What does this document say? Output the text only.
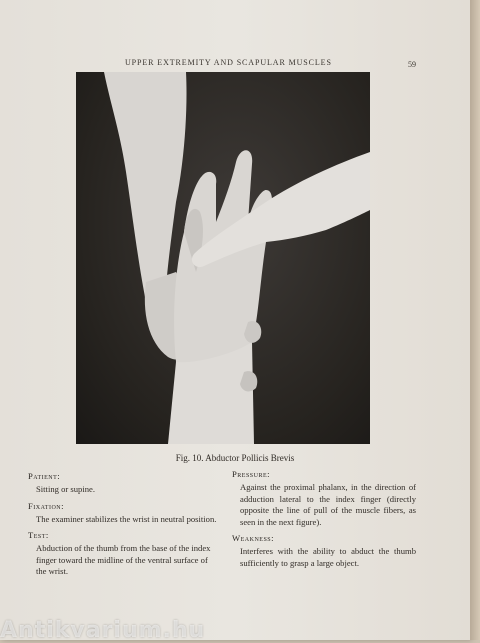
UPPER EXTREMITY AND SCAPULAR MUSCLES	59
Fig. 10. Abductor Pollicis Brevis
Patient:
Sitting or supine.
Fixation:
The examiner stabilizes the wrist in neutral position.
Test:
Abduction of the thumb from the base of the index finger toward the midline of the ventral surface of the wrist.
Pressure:
Against the proximal phalanx, in the direction of adduction lateral to the index finger (directly opposite the line of pull of the muscle fibers, as seen in the next figure).
Weakness:
Interferes with the ability to abduct the thumb sufficiently to grasp a large object.
Antikvarium.hu
